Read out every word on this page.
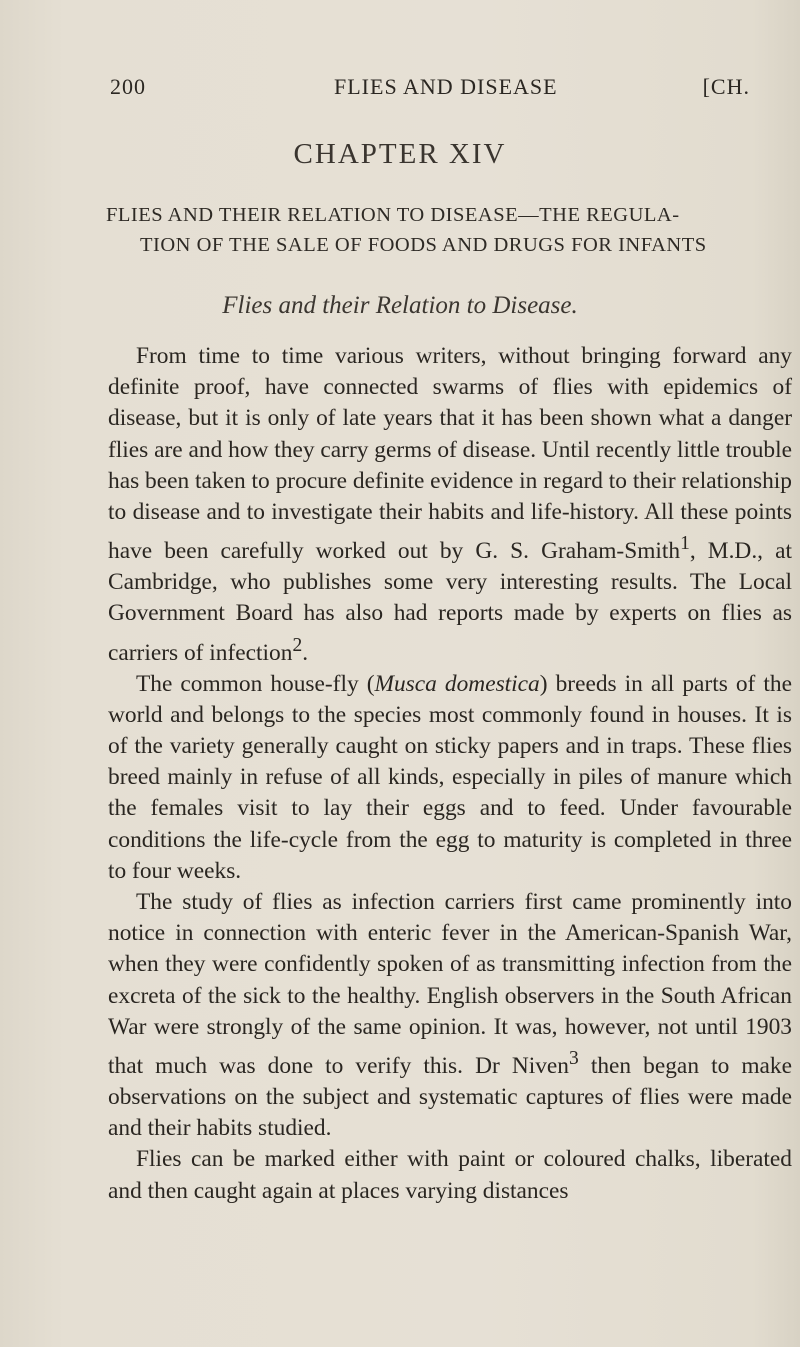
200	FLIES AND DISEASE	[CH.
CHAPTER XIV
FLIES AND THEIR RELATION TO DISEASE—THE REGULA-
TION OF THE SALE OF FOODS AND DRUGS FOR INFANTS
Flies and their Relation to Disease.

From time to time various writers, without bringing forward any definite proof, have connected swarms of flies with epidemics of disease, but it is only of late years that it has been shown what a danger flies are and how they carry germs of disease. Until recently little trouble has been taken to procure definite evidence in regard to their relationship to disease and to investigate their habits and life-history. All these points have been carefully worked out by G. S. Graham-Smith$^1$, M.D., at Cambridge, who publishes some very interesting results. The Local Government Board has also had reports made by experts on flies as carriers of infection$^2$.

The common house-fly (Musca domestica) breeds in all parts of the world and belongs to the species most commonly found in houses. It is of the variety generally caught on sticky papers and in traps. These flies breed mainly in refuse of all kinds, especially in piles of manure which the females visit to lay their eggs and to feed. Under favourable conditions the life-cycle from the egg to maturity is completed in three to four weeks.

The study of flies as infection carriers first came prominently into notice in connection with enteric fever in the American-Spanish War, when they were confidently spoken of as transmitting infection from the excreta of the sick to the healthy. English observers in the South African War were strongly of the same opinion. It was, however, not until 1903 that much was done to verify this. Dr Niven$^3$ then began to make observations on the subject and systematic captures of flies were made and their habits studied.

Flies can be marked either with paint or coloured chalks, liberated and then caught again at places varying distances
